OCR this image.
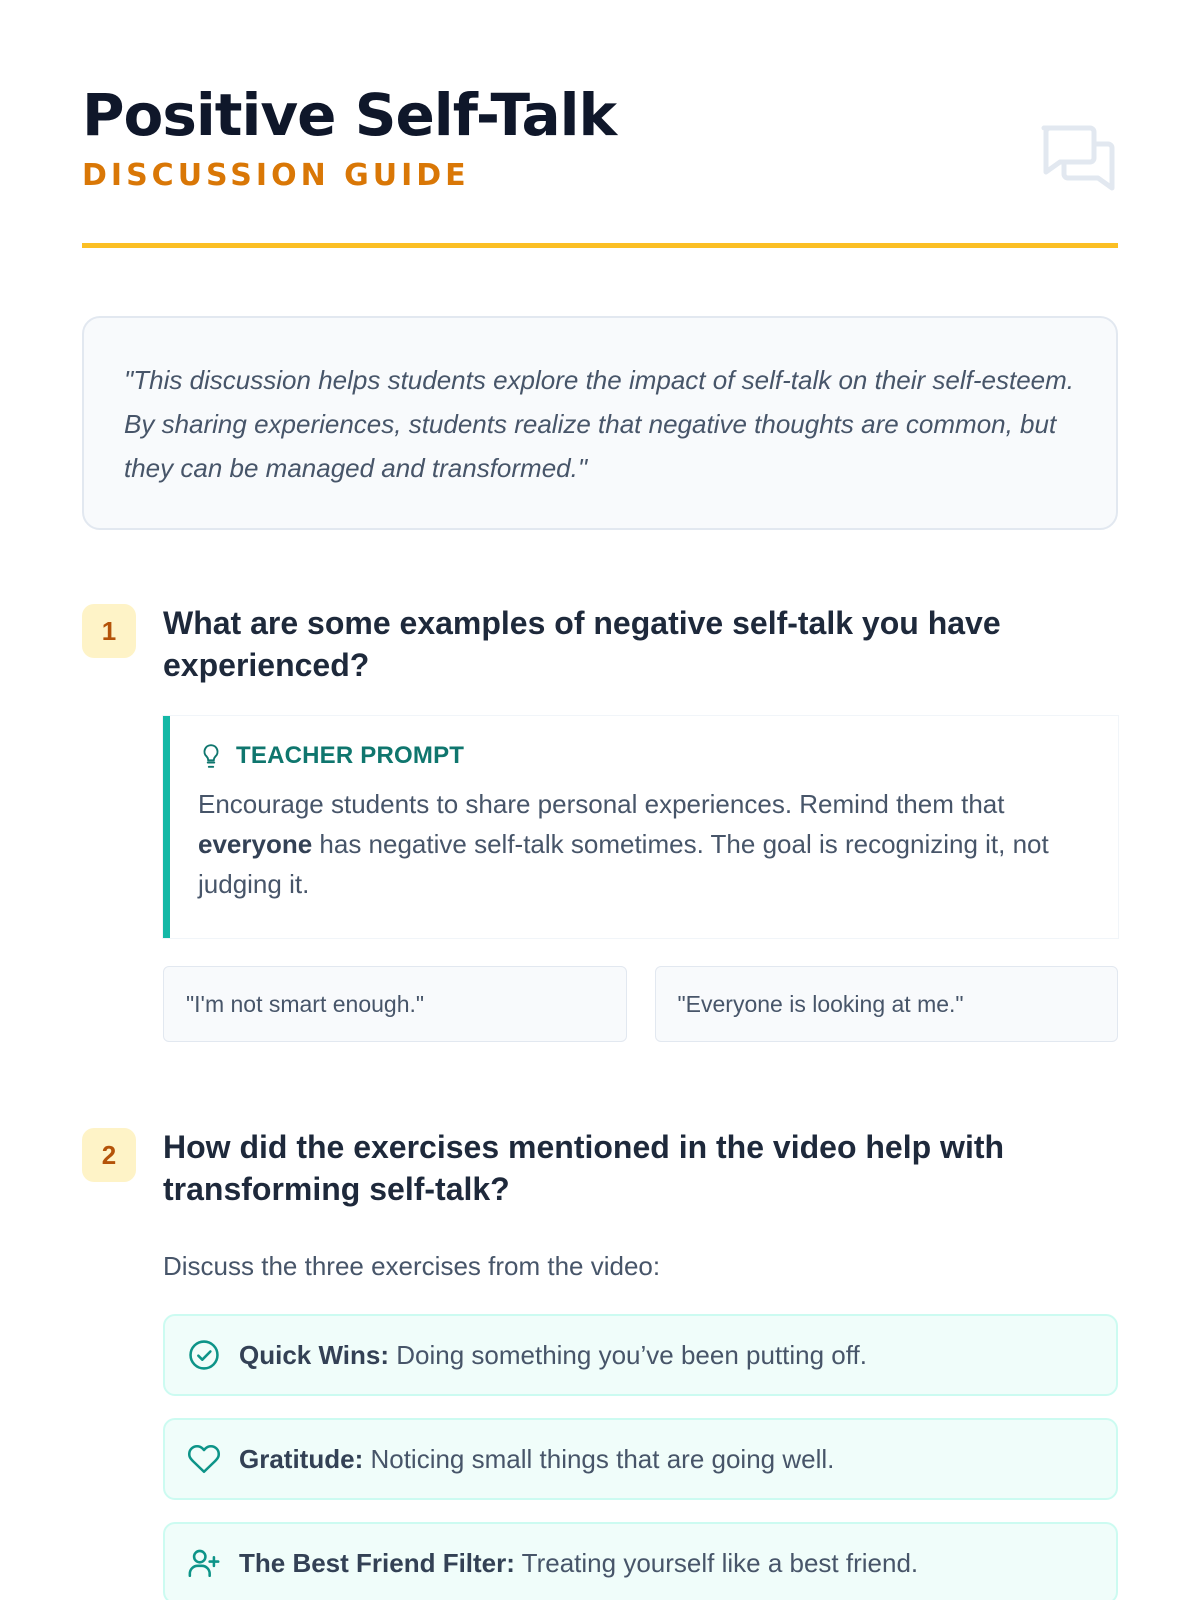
Positive Self-Talk
DISCUSSION GUIDE

"This discussion helps students explore the impact of self-talk on their self-esteem. By sharing experiences, students realize that negative thoughts are common, but they can be managed and transformed."

1	What are some examples of negative self-talk you have experienced?
TEACHER PROMPT

Encourage students to share personal experiences. Remind them that everyone has negative self-talk sometimes. The goal is recognizing it, not judging it.

"I'm not smart enough."	"Everyone is looking at me."
2	How did the exercises mentioned in the video help with transforming self-talk?

Discuss the three exercises from the video:

Quick Wins: Doing something you’ve been putting off.
Gratitude: Noticing small things that are going well.
The Best Friend Filter: Treating yourself like a best friend.
